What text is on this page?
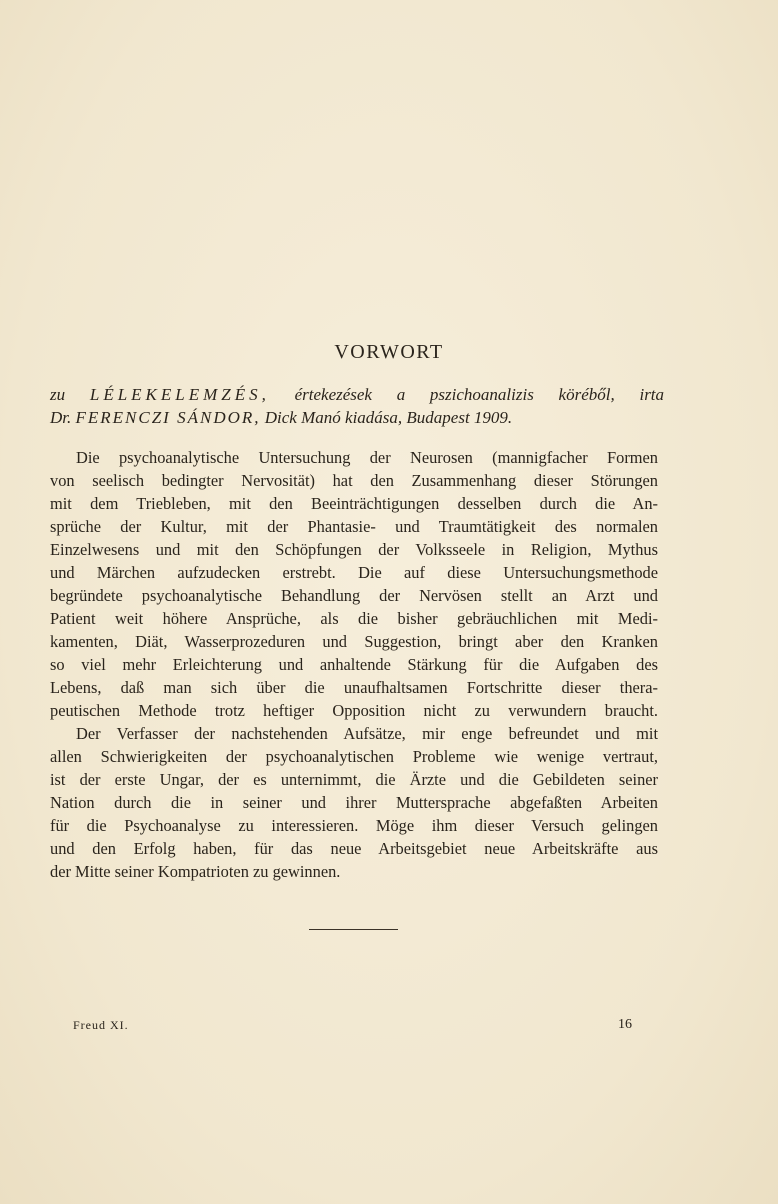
VORWORT
zu LÉLEKELEMZÉS, értekezések a pszichoanalizis köréből, irta
Dr. FERENCZI SÁNDOR, Dick Manó kiadása, Budapest 1909.
Die psychoanalytische Untersuchung der Neurosen (mannigfacher Formen
von seelisch bedingter Nervosität) hat den Zusammenhang dieser Störungen
mit dem Triebleben, mit den Beeinträchtigungen desselben durch die An-
sprüche der Kultur, mit der Phantasie- und Traumtätigkeit des normalen
Einzelwesens und mit den Schöpfungen der Volksseele in Religion, Mythus
und Märchen aufzudecken erstrebt. Die auf diese Untersuchungsmethode
begründete psychoanalytische Behandlung der Nervösen stellt an Arzt und
Patient weit höhere Ansprüche, als die bisher gebräuchlichen mit Medi-
kamenten, Diät, Wasserprozeduren und Suggestion, bringt aber den Kranken
so viel mehr Erleichterung und anhaltende Stärkung für die Aufgaben des
Lebens, daß man sich über die unaufhaltsamen Fortschritte dieser thera-
peutischen Methode trotz heftiger Opposition nicht zu verwundern braucht.
Der Verfasser der nachstehenden Aufsätze, mir enge befreundet und mit
allen Schwierigkeiten der psychoanalytischen Probleme wie wenige vertraut,
ist der erste Ungar, der es unternimmt, die Ärzte und die Gebildeten seiner
Nation durch die in seiner und ihrer Muttersprache abgefaßten Arbeiten
für die Psychoanalyse zu interessieren. Möge ihm dieser Versuch gelingen
und den Erfolg haben, für das neue Arbeitsgebiet neue Arbeitskräfte aus
der Mitte seiner Kompatrioten zu gewinnen.
Freud XI.	16
